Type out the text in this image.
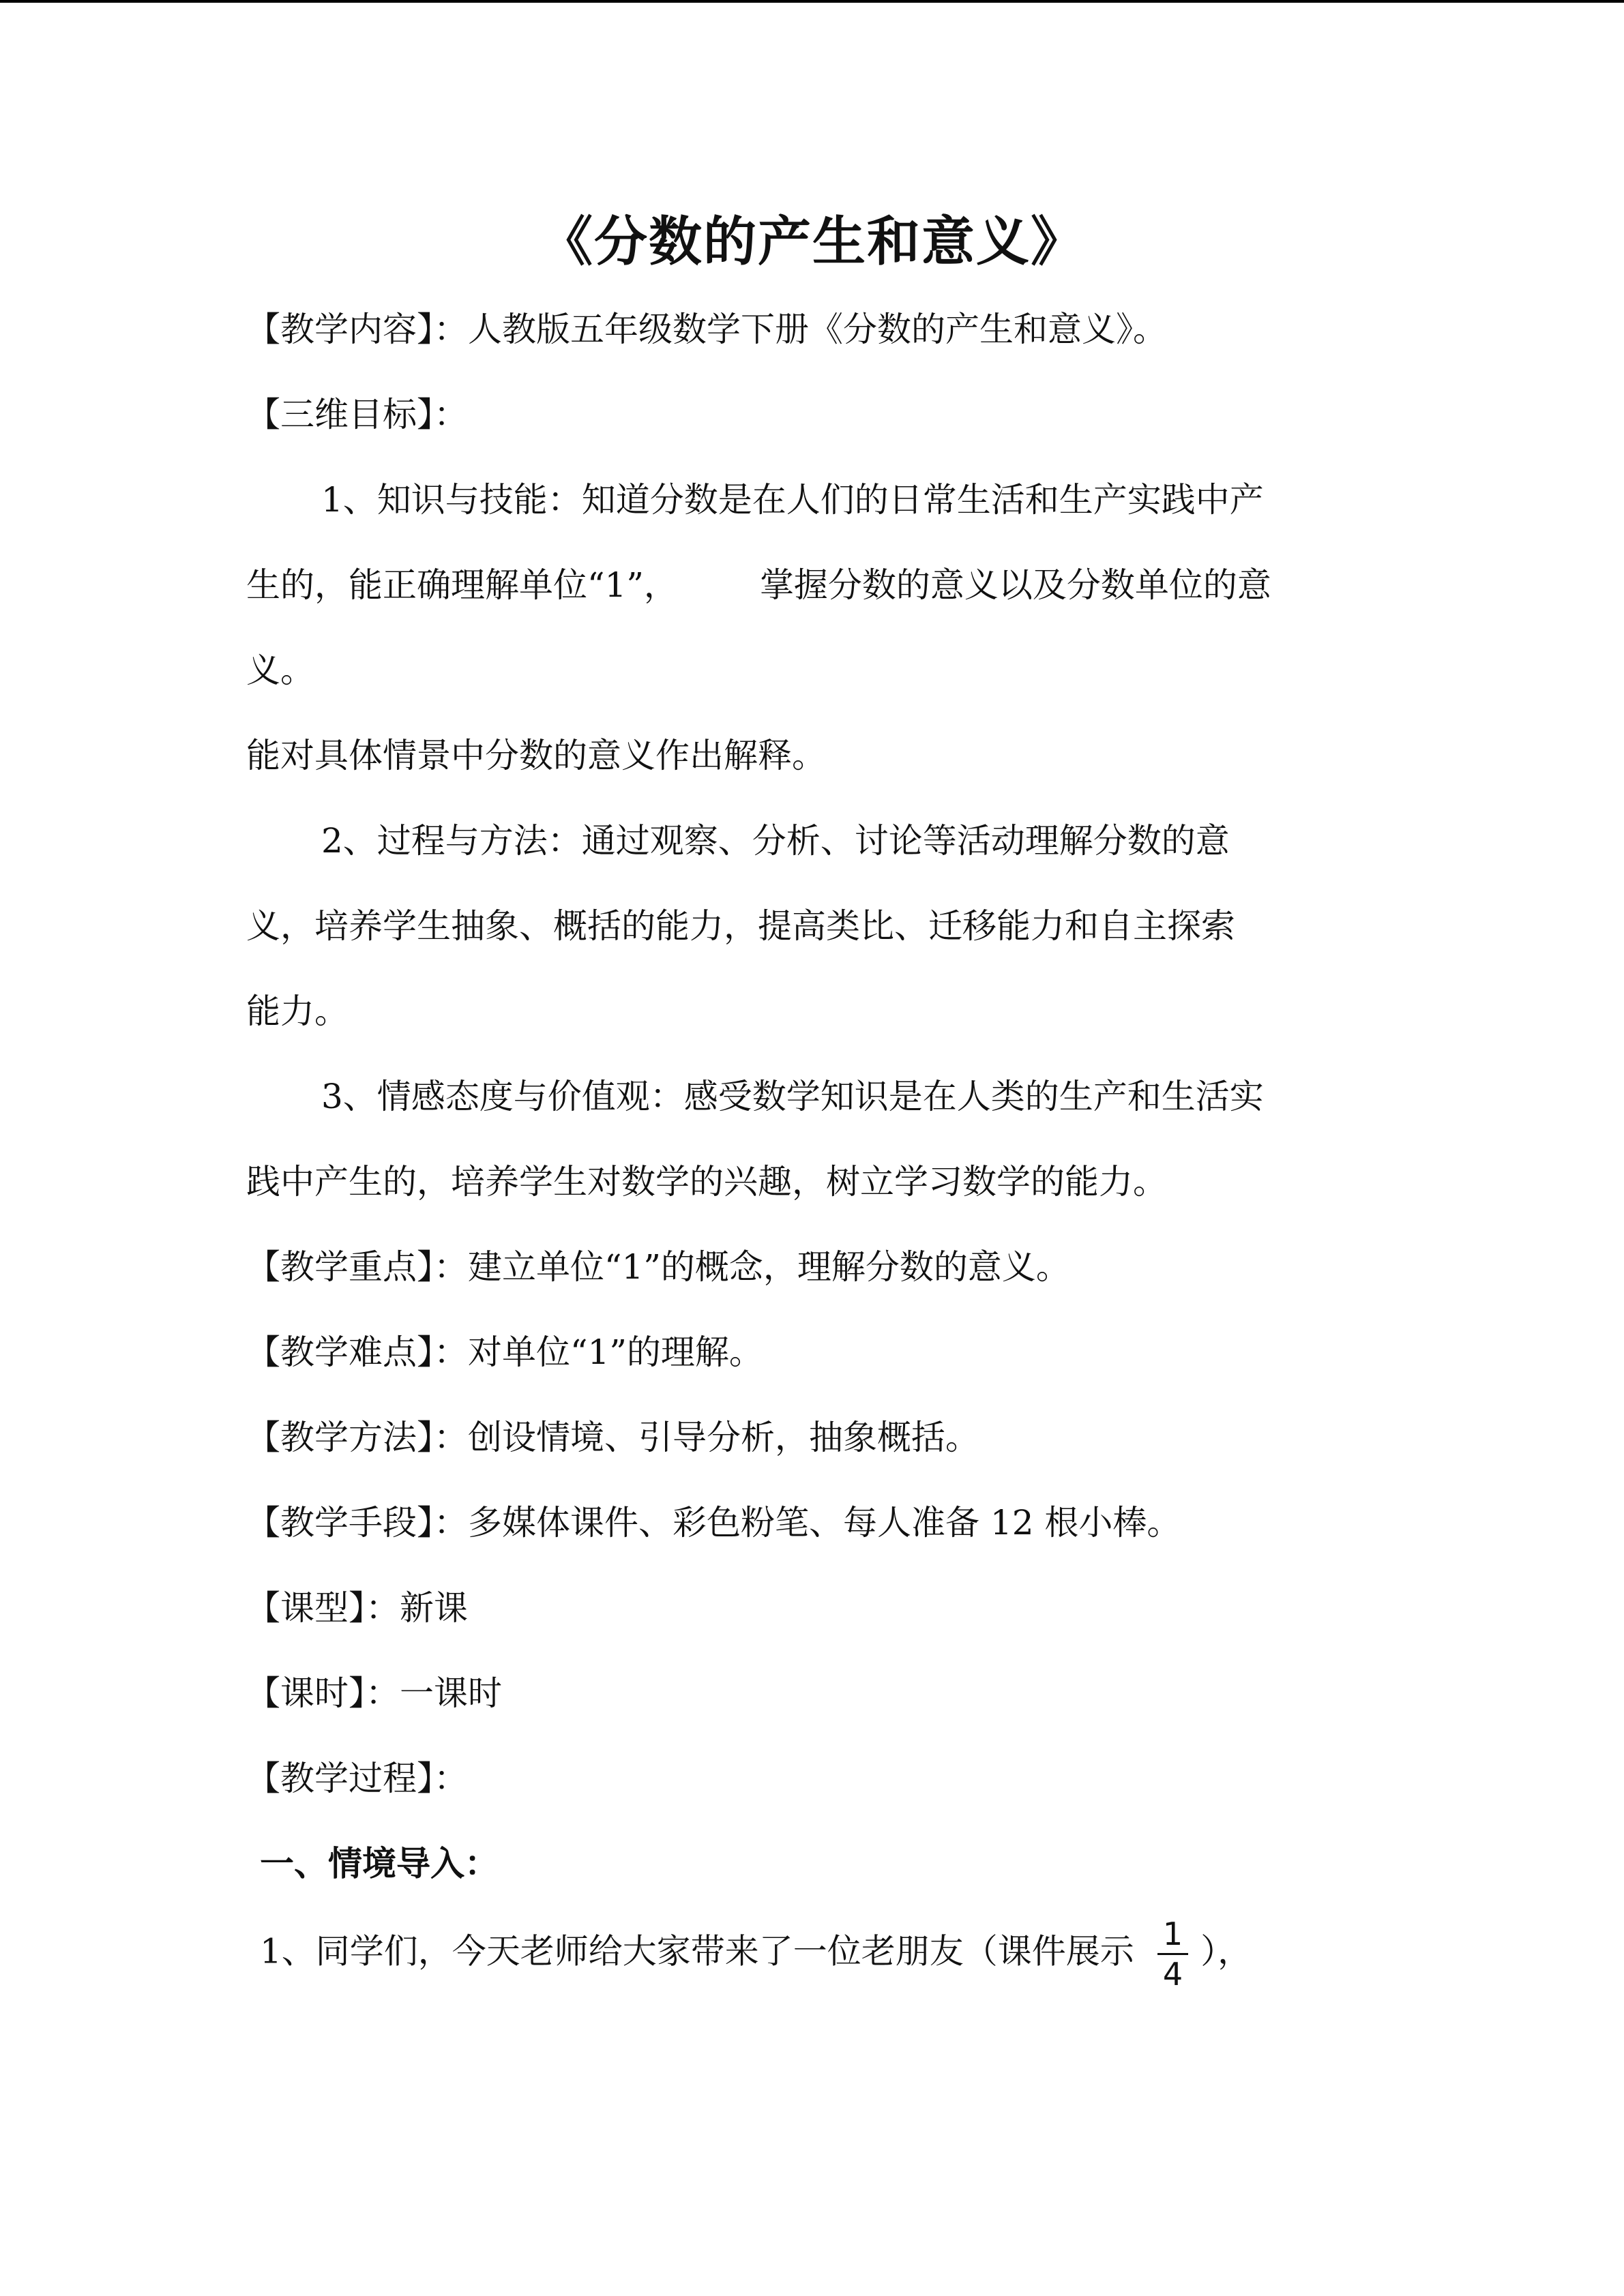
《分数的产生和意义》
【教学内容】：人教版五年级数学下册《分数的产生和意义》。
【三维目标】：
1、知识与技能：知道分数是在人们的日常生活和生产实践中产
生的，能正确理解单位“1”， 掌握分数的意义以及分数单位的意
义。
能对具体情景中分数的意义作出解释。
2、过程与方法：通过观察、分析、讨论等活动理解分数的意
义，培养学生抽象、概括的能力，提高类比、迁移能力和自主探索
能力。
3、情感态度与价值观：感受数学知识是在人类的生产和生活实
践中产生的，培养学生对数学的兴趣，树立学习数学的能力。
【教学重点】：建立单位“1”的概念，理解分数的意义。
【教学难点】：对单位“1”的理解。
【教学方法】：创设情境、引导分析，抽象概括。
【教学手段】：多媒体课件、彩色粉笔、每人准备 12 根小棒。
【课型】：新课
【课时】：一课时
【教学过程】：
一、情境导入：
1、同学们，今天老师给大家带来了一位老朋友（课件展示 $\frac{1}{4}$ ），
